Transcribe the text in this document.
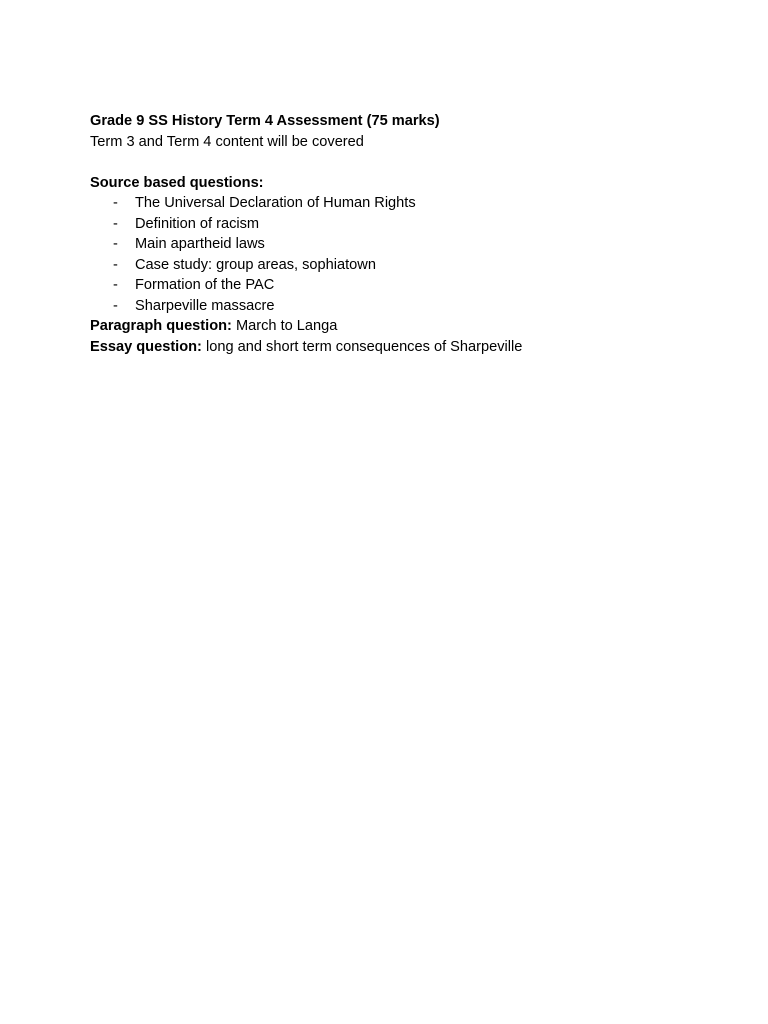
Grade 9 SS History Term 4 Assessment (75 marks)
Term 3 and Term 4 content will be covered
Source based questions:
- The Universal Declaration of Human Rights
- Definition of racism
- Main apartheid laws
- Case study: group areas, sophiatown
- Formation of the PAC
- Sharpeville massacre
Paragraph question: March to Langa
Essay question: long and short term consequences of Sharpeville
